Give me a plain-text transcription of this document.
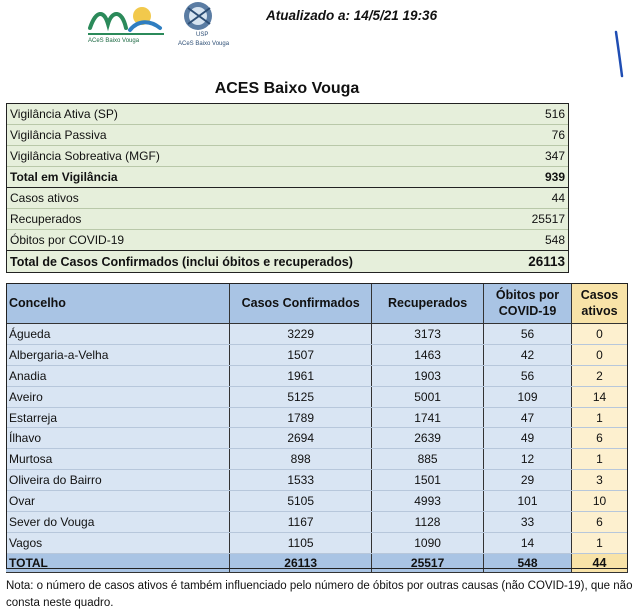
ACeS Baixo Vouga
USP
ACeS Baixo Vouga
Atualizado a: 14/5/21 19:36
ACES Baixo Vouga
Vigilância Ativa (SP)	516
Vigilância Passiva	76
Vigilância Sobreativa (MGF)	347
Total em Vigilância	939
Casos ativos	44
Recuperados	25517
Óbitos por COVID-19	548
Total de Casos Confirmados (inclui óbitos e recuperados)	26113
Concelho	Casos Confirmados	Recuperados	Óbitos por COVID-19	Casos ativos
Águeda	3229	3173	56	0
Albergaria-a-Velha	1507	1463	42	0
Anadia	1961	1903	56	2
Aveiro	5125	5001	109	14
Estarreja	1789	1741	47	1
Ílhavo	2694	2639	49	6
Murtosa	898	885	12	1
Oliveira do Bairro	1533	1501	29	3
Ovar	5105	4993	101	10
Sever do Vouga	1167	1128	33	6
Vagos	1105	1090	14	1
TOTAL	26113	25517	548	44
Nota: o número de casos ativos é também influenciado pelo número de óbitos por outras causas (não COVID-19), que não consta neste quadro.
